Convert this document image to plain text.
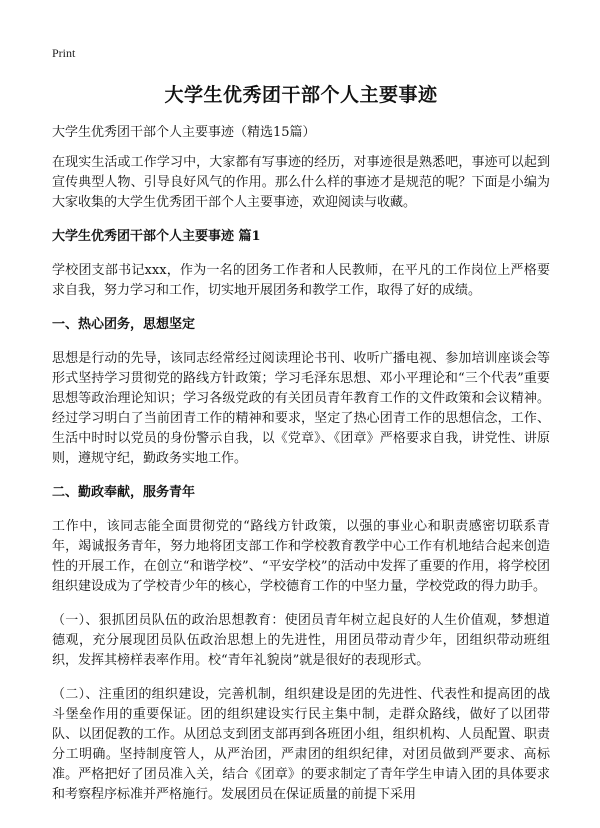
Print
大学生优秀团干部个人主要事迹
大学生优秀团干部个人主要事迹（精选15篇）

在现实生活或工作学习中，大家都有写事迹的经历，对事迹很是熟悉吧，事迹可以起到宣传典型人物、引导良好风气的作用。那么什么样的事迹才是规范的呢？下面是小编为大家收集的大学生优秀团干部个人主要事迹，欢迎阅读与收藏。

大学生优秀团干部个人主要事迹 篇1

学校团支部书记xxx，作为一名的团务工作者和人民教师，在平凡的工作岗位上严格要求自我，努力学习和工作，切实地开展团务和教学工作，取得了好的成绩。

一、热心团务，思想坚定

思想是行动的先导，该同志经常经过阅读理论书刊、收听广播电视、参加培训座谈会等形式坚持学习贯彻党的路线方针政策；学习毛泽东思想、邓小平理论和“三个代表”重要思想等政治理论知识；学习各级党政的有关团员青年教育工作的文件政策和会议精神。经过学习明白了当前团青工作的精神和要求，坚定了热心团青工作的思想信念，工作、生活中时时以党员的身份警示自我，以《党章》、《团章》严格要求自我，讲党性、讲原则，遵规守纪，勤政务实地工作。

二、勤政奉献，服务青年

工作中，该同志能全面贯彻党的“路线方针政策，以强的事业心和职责感密切联系青年，竭诚报务青年，努力地将团支部工作和学校教育教学中心工作有机地结合起来创造性的开展工作，在创立“和谐学校”、“平安学校”的活动中发挥了重要的作用，将学校团组织建设成为了学校青少年的核心，学校德育工作的中坚力量，学校党政的得力助手。

（一）、狠抓团员队伍的政治思想教育：使团员青年树立起良好的人生价值观，梦想道德观，充分展现团员队伍政治思想上的先进性，用团员带动青少年，团组织带动班组织，发挥其榜样表率作用。校“青年礼貌岗”就是很好的表现形式。

（二）、注重团的组织建设，完善机制，组织建设是团的先进性、代表性和提高团的战斗堡垒作用的重要保证。团的组织建设实行民主集中制，走群众路线，做好了以团带队、以团促教的工作。从团总支到团支部再到各班团小组，组织机构、人员配置、职责分工明确。坚持制度管人，从严治团，严肃团的组织纪律，对团员做到严要求、高标准。严格把好了团员准入关，结合《团章》的要求制定了青年学生申请入团的具体要求和考察程序标准并严格施行。发展团员在保证质量的前提下采用
